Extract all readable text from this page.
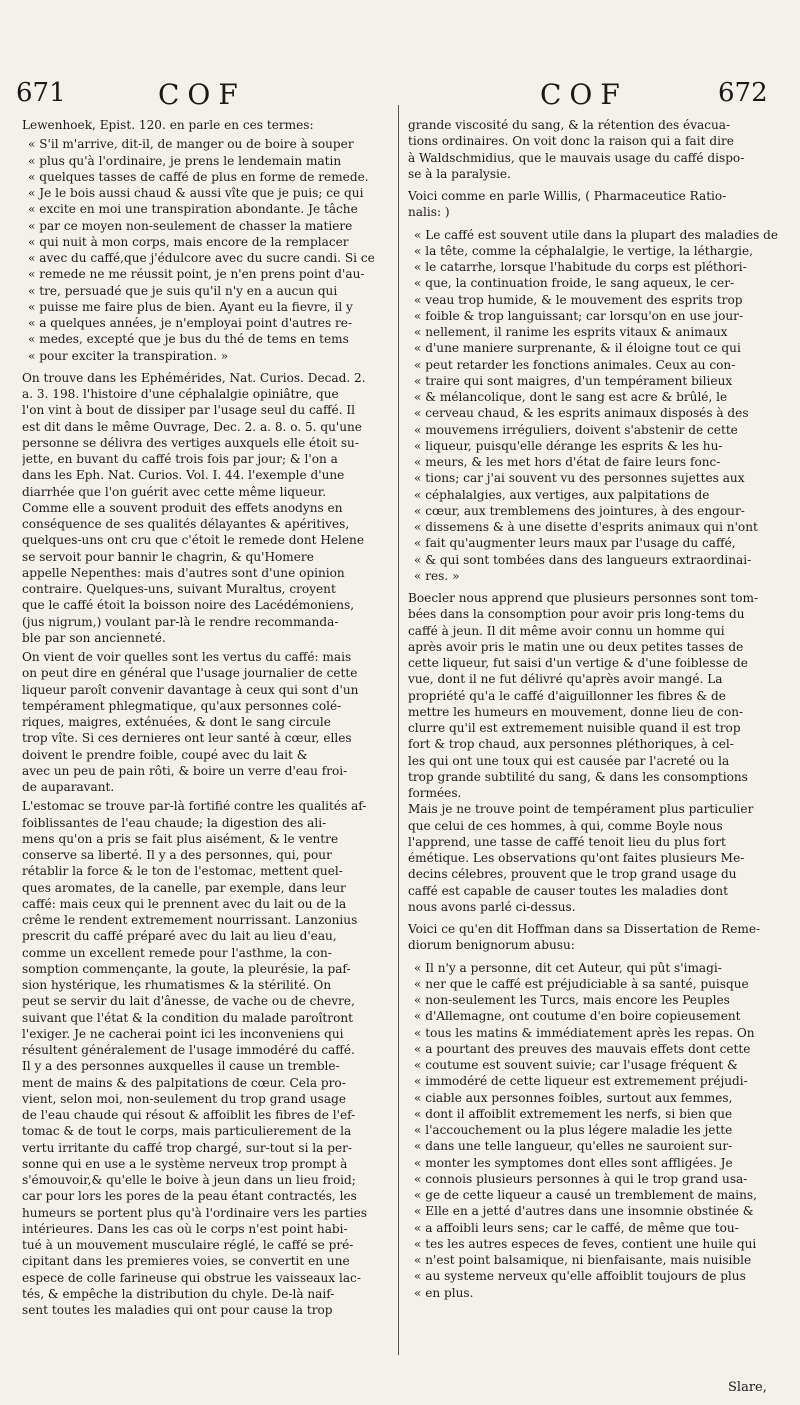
671	COF	COF	672
Lewenhoek, Epist. 120. en parle en ces termes:
« S'il m'arrive, dit-il, de manger ou de boire à souper
« plus qu'à l'ordinaire, je prens le lendemain matin
« quelques tasses de caffé de plus en forme de remede.
« Je le bois aussi chaud & aussi vîte que je puis; ce qui
« excite en moi une transpiration abondante. Je tâche
« par ce moyen non-seulement de chasser la matiere
« qui nuit à mon corps, mais encore de la remplacer
« avec du caffé,que j'édulcore avec du sucre candi. Si ce
« remede ne me réussit point, je n'en prens point d'au-
« tre, persuadé que je suis qu'il n'y en a aucun qui
« puisse me faire plus de bien. Ayant eu la fievre, il y
« a quelques années, je n'employai point d'autres re-
« medes, excepté que je bus du thé de tems en tems
« pour exciter la transpiration. »
On trouve dans les Ephémérides, Nat. Curios. Decad. 2.
a. 3. 198. l'histoire d'une céphalalgie opiniâtre, que
l'on vint à bout de dissiper par l'usage seul du caffé. Il
est dit dans le même Ouvrage, Dec. 2. a. 8. o. 5. qu'une
personne se délivra des vertiges auxquels elle étoit su-
jette, en buvant du caffé trois fois par jour; & l'on a
dans les Eph. Nat. Curios. Vol. I. 44. l'exemple d'une
diarrhée que l'on guérit avec cette même liqueur.
Comme elle a souvent produit des effets anodyns en
conséquence de ses qualités délayantes & apéritives,
quelques-uns ont cru que c'étoit le remede dont Helene
se servoit pour bannir le chagrin, & qu'Homere
appelle Nepenthes: mais d'autres sont d'une opinion
contraire. Quelques-uns, suivant Muraltus, croyent
que le caffé étoit la boisson noire des Lacédémoniens,
(jus nigrum,) voulant par-là le rendre recommanda-
ble par son ancienneté.
On vient de voir quelles sont les vertus du caffé: mais
on peut dire en général que l'usage journalier de cette
liqueur paroît convenir davantage à ceux qui sont d'un
tempérament phlegmatique, qu'aux personnes colé-
riques, maigres, exténuées, & dont le sang circule
trop vîte. Si ces dernieres ont leur santé à cœur, elles
doivent le prendre foible, coupé avec du lait &
avec un peu de pain rôti, & boire un verre d'eau froi-
de auparavant.
L'estomac se trouve par-là fortifié contre les qualités af-
foiblissantes de l'eau chaude; la digestion des ali-
mens qu'on a pris se fait plus aisément, & le ventre
conserve sa liberté. Il y a des personnes, qui, pour
rétablir la force & le ton de l'estomac, mettent quel-
ques aromates, de la canelle, par exemple, dans leur
caffé: mais ceux qui le prennent avec du lait ou de la
crême le rendent extremement nourrissant. Lanzonius
prescrit du caffé préparé avec du lait au lieu d'eau,
comme un excellent remede pour l'asthme, la con-
somption commençante, la goute, la pleurésie, la paf-
sion hystérique, les rhumatismes & la stérilité. On
peut se servir du lait d'ânesse, de vache ou de chevre,
suivant que l'état & la condition du malade paroîtront
l'exiger. Je ne cacherai point ici les inconveniens qui
résultent généralement de l'usage immodéré du caffé.
Il y a des personnes auxquelles il cause un tremble-
ment de mains & des palpitations de cœur. Cela pro-
vient, selon moi, non-seulement du trop grand usage
de l'eau chaude qui résout & affoiblit les fibres de l'ef-
tomac & de tout le corps, mais particulierement de la
vertu irritante du caffé trop chargé, sur-tout si la per-
sonne qui en use a le système nerveux trop prompt à
s'émouvoir,& qu'elle le boive à jeun dans un lieu froid;
car pour lors les pores de la peau étant contractés, les
humeurs se portent plus qu'à l'ordinaire vers les parties
intérieures. Dans les cas où le corps n'est point habi-
tué à un mouvement musculaire réglé, le caffé se pré-
cipitant dans les premieres voies, se convertit en une
espece de colle farineuse qui obstrue les vaisseaux lac-
tés, & empêche la distribution du chyle. De-là naif-
sent toutes les maladies qui ont pour cause la trop
grande viscosité du sang, & la rétention des évacua-
tions ordinaires. On voit donc la raison qui a fait dire
à Waldschmidius, que le mauvais usage du caffé dispo-
se à la paralysie.
Voici comme en parle Willis, ( Pharmaceutice Ratio-
nalis: )
« Le caffé est souvent utile dans la plupart des maladies de
« la tête, comme la céphalalgie, le vertige, la léthargie,
« le catarrhe, lorsque l'habitude du corps est pléthori-
« que, la continuation froide, le sang aqueux, le cer-
« veau trop humide, & le mouvement des esprits trop
« foible & trop languissant; car lorsqu'on en use jour-
« nellement, il ranime les esprits vitaux & animaux
« d'une maniere surprenante, & il éloigne tout ce qui
« peut retarder les fonctions animales. Ceux au con-
« traire qui sont maigres, d'un tempérament bilieux
« & mélancolique, dont le sang est acre & brûlé, le
« cerveau chaud, & les esprits animaux disposés à des
« mouvemens irréguliers, doivent s'abstenir de cette
« liqueur, puisqu'elle dérange les esprits & les hu-
« meurs, & les met hors d'état de faire leurs fonc-
« tions; car j'ai souvent vu des personnes sujettes aux
« céphalalgies, aux vertiges, aux palpitations de
« cœur, aux tremblemens des jointures, à des engour-
« dissemens & à une disette d'esprits animaux qui n'ont
« fait qu'augmenter leurs maux par l'usage du caffé,
« & qui sont tombées dans des langueurs extraordinai-
« res. »
Boecler nous apprend que plusieurs personnes sont tom-
bées dans la consomption pour avoir pris long-tems du
caffé à jeun. Il dit même avoir connu un homme qui
après avoir pris le matin une ou deux petites tasses de
cette liqueur, fut saisi d'un vertige & d'une foiblesse de
vue, dont il ne fut délivré qu'après avoir mangé. La
propriété qu'a le caffé d'aiguillonner les fibres & de
mettre les humeurs en mouvement, donne lieu de con-
clurre qu'il est extremement nuisible quand il est trop
fort & trop chaud, aux personnes pléthoriques, à cel-
les qui ont une toux qui est causée par l'acreté ou la
trop grande subtilité du sang, & dans les consomptions
formées.
Mais je ne trouve point de tempérament plus particulier
que celui de ces hommes, à qui, comme Boyle nous
l'apprend, une tasse de caffé tenoit lieu du plus fort
émétique. Les observations qu'ont faites plusieurs Me-
decins célebres, prouvent que le trop grand usage du
caffé est capable de causer toutes les maladies dont
nous avons parlé ci-dessus.
Voici ce qu'en dit Hoffman dans sa Dissertation de Reme-
diorum benignorum abusu:
« Il n'y a personne, dit cet Auteur, qui pût s'imagi-
« ner que le caffé est préjudiciable à sa santé, puisque
« non-seulement les Turcs, mais encore les Peuples
« d'Allemagne, ont coutume d'en boire copieusement
« tous les matins & immédiatement après les repas. On
« a pourtant des preuves des mauvais effets dont cette
« coutume est souvent suivie; car l'usage fréquent &
« immodéré de cette liqueur est extremement préjudi-
« ciable aux personnes foibles, surtout aux femmes,
« dont il affoiblit extremement les nerfs, si bien que
« l'accouchement ou la plus légere maladie les jette
« dans une telle langueur, qu'elles ne sauroient sur-
« monter les symptomes dont elles sont affligées. Je
« connois plusieurs personnes à qui le trop grand usa-
« ge de cette liqueur a causé un tremblement de mains,
« Elle en a jetté d'autres dans une insomnie obstinée &
« a affoibli leurs sens; car le caffé, de même que tou-
« tes les autres especes de feves, contient une huile qui
« n'est point balsamique, ni bienfaisante, mais nuisible
« au systeme nerveux qu'elle affoiblit toujours de plus
« en plus.
Slare,
